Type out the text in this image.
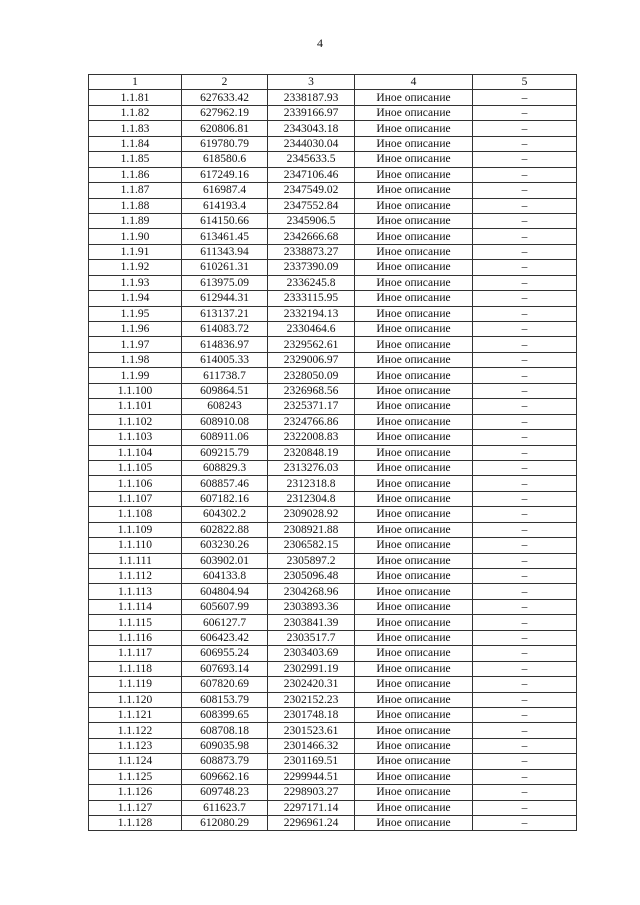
4
1	2	3	4	5
1.1.81	627633.42	2338187.93	Иное описание	–
1.1.82	627962.19	2339166.97	Иное описание	–
1.1.83	620806.81	2343043.18	Иное описание	–
1.1.84	619780.79	2344030.04	Иное описание	–
1.1.85	618580.6	2345633.5	Иное описание	–
1.1.86	617249.16	2347106.46	Иное описание	–
1.1.87	616987.4	2347549.02	Иное описание	–
1.1.88	614193.4	2347552.84	Иное описание	–
1.1.89	614150.66	2345906.5	Иное описание	–
1.1.90	613461.45	2342666.68	Иное описание	–
1.1.91	611343.94	2338873.27	Иное описание	–
1.1.92	610261.31	2337390.09	Иное описание	–
1.1.93	613975.09	2336245.8	Иное описание	–
1.1.94	612944.31	2333115.95	Иное описание	–
1.1.95	613137.21	2332194.13	Иное описание	–
1.1.96	614083.72	2330464.6	Иное описание	–
1.1.97	614836.97	2329562.61	Иное описание	–
1.1.98	614005.33	2329006.97	Иное описание	–
1.1.99	611738.7	2328050.09	Иное описание	–
1.1.100	609864.51	2326968.56	Иное описание	–
1.1.101	608243	2325371.17	Иное описание	–
1.1.102	608910.08	2324766.86	Иное описание	–
1.1.103	608911.06	2322008.83	Иное описание	–
1.1.104	609215.79	2320848.19	Иное описание	–
1.1.105	608829.3	2313276.03	Иное описание	–
1.1.106	608857.46	2312318.8	Иное описание	–
1.1.107	607182.16	2312304.8	Иное описание	–
1.1.108	604302.2	2309028.92	Иное описание	–
1.1.109	602822.88	2308921.88	Иное описание	–
1.1.110	603230.26	2306582.15	Иное описание	–
1.1.111	603902.01	2305897.2	Иное описание	–
1.1.112	604133.8	2305096.48	Иное описание	–
1.1.113	604804.94	2304268.96	Иное описание	–
1.1.114	605607.99	2303893.36	Иное описание	–
1.1.115	606127.7	2303841.39	Иное описание	–
1.1.116	606423.42	2303517.7	Иное описание	–
1.1.117	606955.24	2303403.69	Иное описание	–
1.1.118	607693.14	2302991.19	Иное описание	–
1.1.119	607820.69	2302420.31	Иное описание	–
1.1.120	608153.79	2302152.23	Иное описание	–
1.1.121	608399.65	2301748.18	Иное описание	–
1.1.122	608708.18	2301523.61	Иное описание	–
1.1.123	609035.98	2301466.32	Иное описание	–
1.1.124	608873.79	2301169.51	Иное описание	–
1.1.125	609662.16	2299944.51	Иное описание	–
1.1.126	609748.23	2298903.27	Иное описание	–
1.1.127	611623.7	2297171.14	Иное описание	–
1.1.128	612080.29	2296961.24	Иное описание	–
